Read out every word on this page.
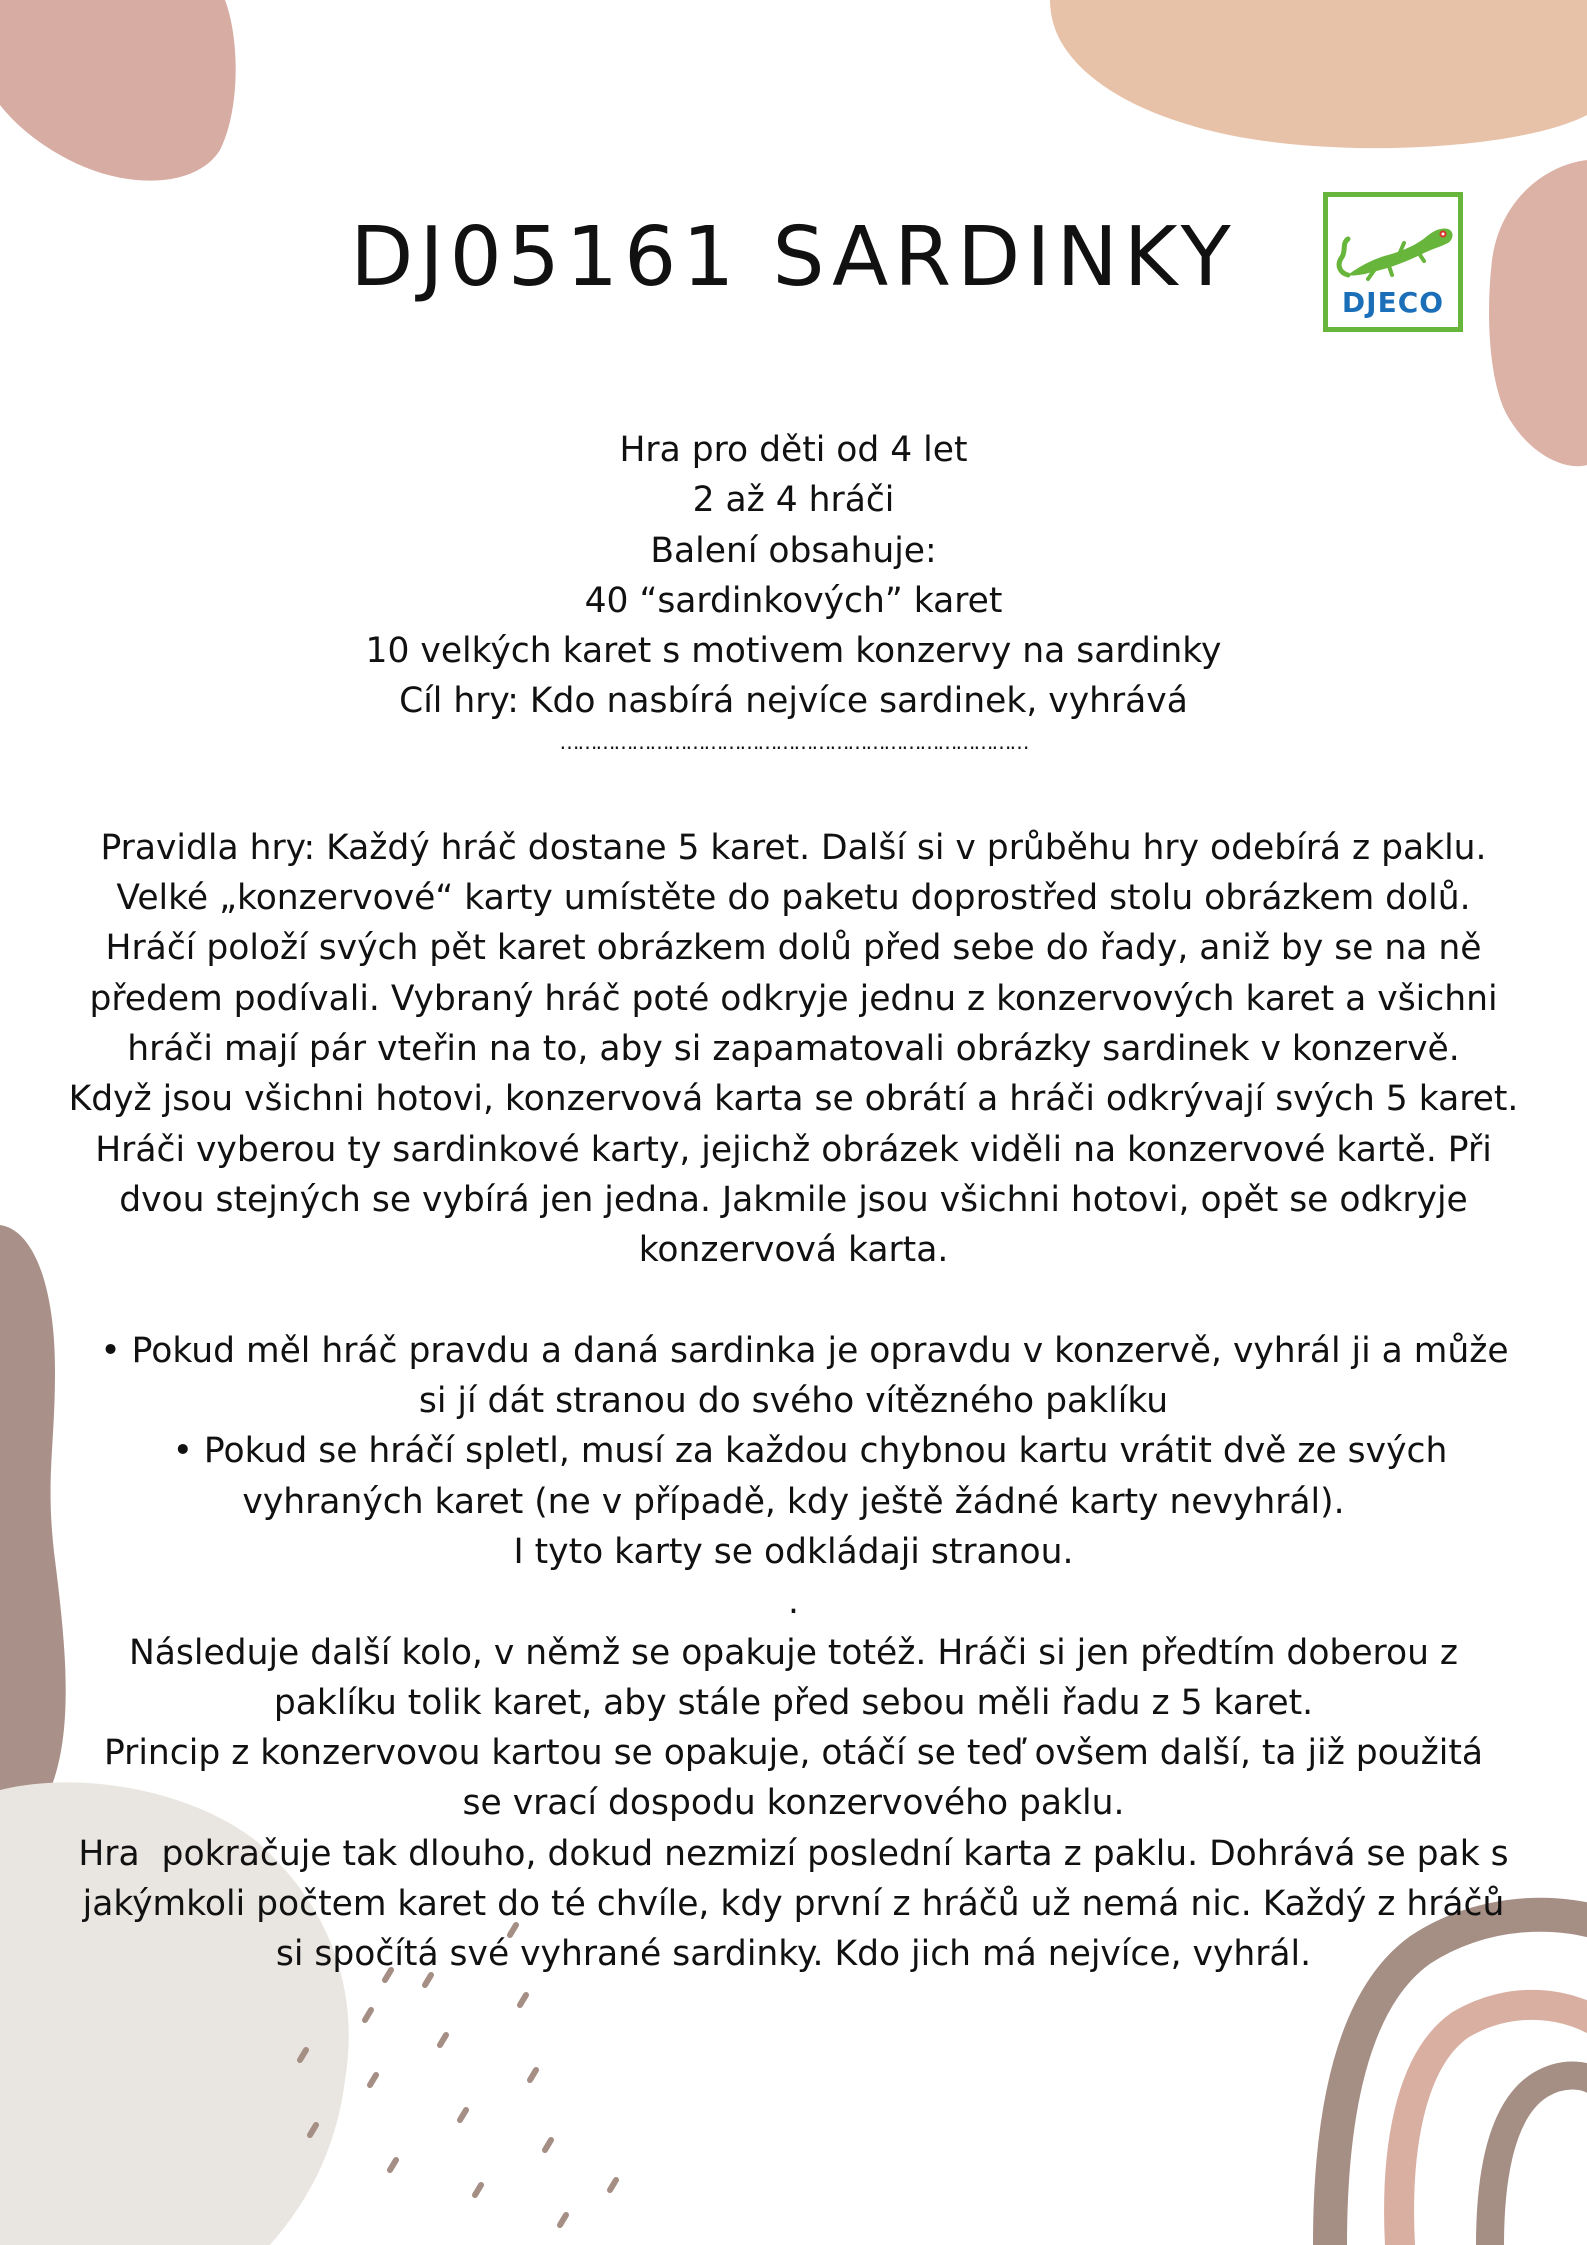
DJ05161 SARDINKY	DJECO
Hra pro děti od 4 let
2 až 4 hráči
Balení obsahuje:
40 “sardinkových” karet
10 velkých karet s motivem konzervy na sardinky
Cíl hry: Kdo nasbírá nejvíce sardinek, vyhrává
……………………………………………………………………
Pravidla hry: Každý hráč dostane 5 karet. Další si v průběhu hry odebírá z paklu.
Velké „konzervové“ karty umístěte do paketu doprostřed stolu obrázkem dolů.
Hráčí položí svých pět karet obrázkem dolů před sebe do řady, aniž by se na ně
předem podívali. Vybraný hráč poté odkryje jednu z konzervových karet a všichni
hráči mají pár vteřin na to, aby si zapamatovali obrázky sardinek v konzervě.
Když jsou všichni hotovi, konzervová karta se obrátí a hráči odkrývají svých 5 karet.
Hráči vyberou ty sardinkové karty, jejichž obrázek viděli na konzervové kartě. Při
dvou stejných se vybírá jen jedna. Jakmile jsou všichni hotovi, opět se odkryje
konzervová karta.
• Pokud měl hráč pravdu a daná sardinka je opravdu v konzervě, vyhrál ji a může
si jí dát stranou do svého vítězného paklíku
• Pokud se hráčí spletl, musí za každou chybnou kartu vrátit dvě ze svých
vyhraných karet (ne v případě, kdy ještě žádné karty nevyhrál).
I tyto karty se odkládaji stranou.
.
Následuje další kolo, v němž se opakuje totéž. Hráči si jen předtím doberou z
paklíku tolik karet, aby stále před sebou měli řadu z 5 karet.
Princip z konzervovou kartou se opakuje, otáčí se teď ovšem další, ta již použitá
se vrací dospodu konzervového paklu.
Hra  pokračuje tak dlouho, dokud nezmizí poslední karta z paklu. Dohrává se pak s
jakýmkoli počtem karet do té chvíle, kdy první z hráčů už nemá nic. Každý z hráčů
si spočítá své vyhrané sardinky. Kdo jich má nejvíce, vyhrál.
